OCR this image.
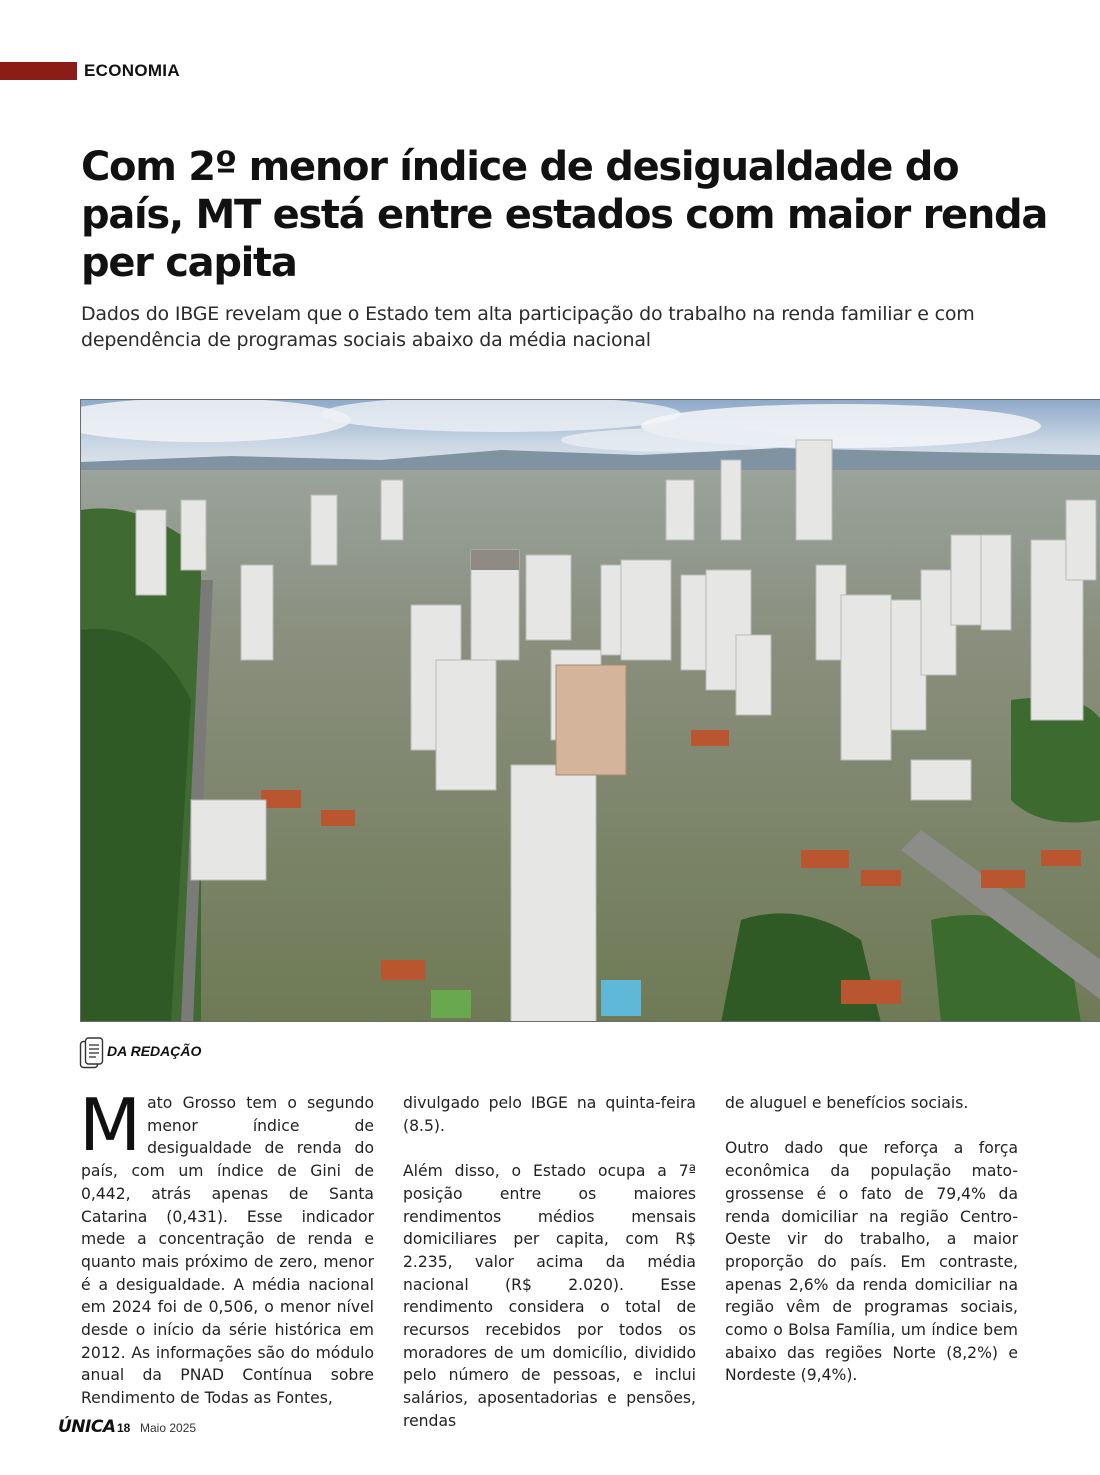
ECONOMIA
Com 2º menor índice de desigualdade do
país, MT está entre estados com maior renda
per capita

Dados do IBGE revelam que o Estado tem alta participação do trabalho na renda familiar e com
dependência de programas sociais abaixo da média nacional

DA REDAÇÃO

Mato Grosso tem o segundo menor índice de desigualdade de renda do país, com um índice de Gini de 0,442, atrás apenas de Santa Catarina (0,431). Esse indicador mede a concentração de renda e quanto mais próximo de zero, menor é a desigualdade. A média nacional em 2024 foi de 0,506, o menor nível desde o início da série histórica em 2012. As informações são do módulo anual da PNAD Contínua sobre Rendimento de Todas as Fontes,

divulgado pelo IBGE na quinta-feira (8.5).

Além disso, o Estado ocupa a 7ª posição entre os maiores rendimentos médios mensais domiciliares per capita, com R$ 2.235, valor acima da média nacional (R$ 2.020). Esse rendimento considera o total de recursos recebidos por todos os moradores de um domicílio, dividido pelo número de pessoas, e inclui salários, aposentadorias e pensões, rendas

de aluguel e benefícios sociais.

Outro dado que reforça a força econômica da população mato-grossense é o fato de 79,4% da renda domiciliar na região Centro-Oeste vir do trabalho, a maior proporção do país. Em contraste, apenas 2,6% da renda domiciliar na região vêm de programas sociais, como o Bolsa Família, um índice bem abaixo das regiões Norte (8,2%) e Nordeste (9,4%).

ÚNICA 18 Maio 2025
